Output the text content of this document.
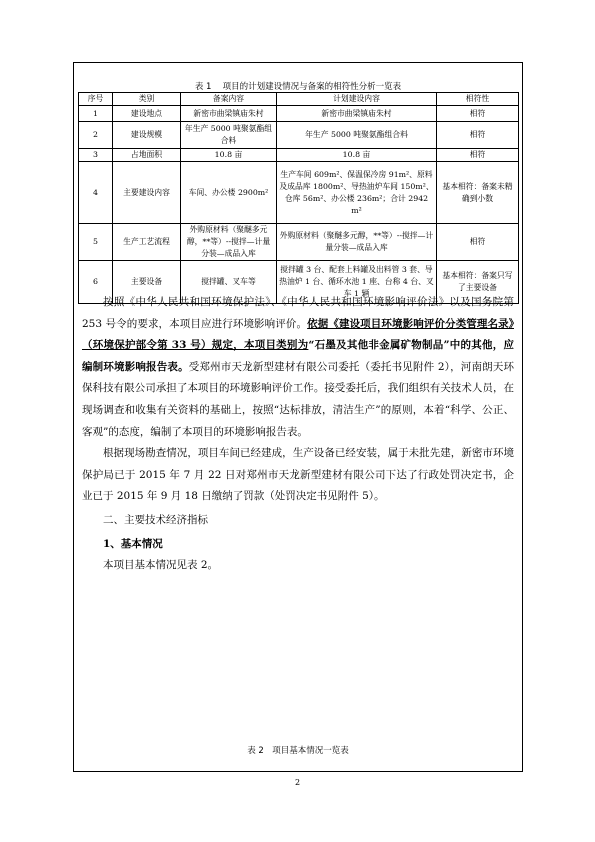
表 1　 项目的计划建设情况与备案的相符性分析一览表
序号	类别	备案内容	计划建设内容	相符性
1	建设地点	新密市曲梁镇庙朱村	新密市曲梁镇庙朱村	相符
2	建设规模	年生产 5000 吨聚氨酯组合料	年生产 5000 吨聚氨酯组合料	相符
3	占地面积	10.8 亩	10.8 亩	相符
4	主要建设内容	车间、办公楼 2900m²	生产车间 609m²、保温保冷房 91m²、原料及成品库 1800m²、导热油炉车间 150m²、仓库 56m²、办公楼 236m²；合计 2942 m²	基本相符：备案未精确到小数
5	生产工艺流程	外购原材料（聚醚多元醇，**等）--搅拌—计量分装—成品入库	外购原材料（聚醚多元醇，**等）--搅拌—计量分装—成品入库	相符
6	主要设备	搅拌罐、叉车等	搅拌罐 3 台、配套上料罐及出料管 3 套、导热油炉 1 台、循环水池 1 座、台称 4 台、叉车 1 辆	基本相符：备案只写了主要设备

按照《中华人民共和国环境保护法》、《中华人民共和国环境影响评价法》以及国务院第 253 号令的要求，本项目应进行环境影响评价。依据《建设项目环境影响评价分类管理名录》（环境保护部令第 33 号）规定，本项目类别为“石墨及其他非金属矿物制品”中的其他，应编制环境影响报告表。受郑州市天龙新型建材有限公司委托（委托书见附件 2），河南朗天环保科技有限公司承担了本项目的环境影响评价工作。接受委托后，我们组织有关技术人员，在现场调查和收集有关资料的基础上，按照“达标排放，清洁生产”的原则，本着“科学、公正、客观”的态度，编制了本项目的环境影响报告表。

根据现场勘查情况，项目车间已经建成，生产设备已经安装，属于未批先建，新密市环境保护局已于 2015 年 7 月 22 日对郑州市天龙新型建材有限公司下达了行政处罚决定书，企业已于 2015 年 9 月 18 日缴纳了罚款（处罚决定书见附件 5）。

二、主要技术经济指标

1、基本情况

本项目基本情况见表 2。

表 2　项目基本情况一览表
2
